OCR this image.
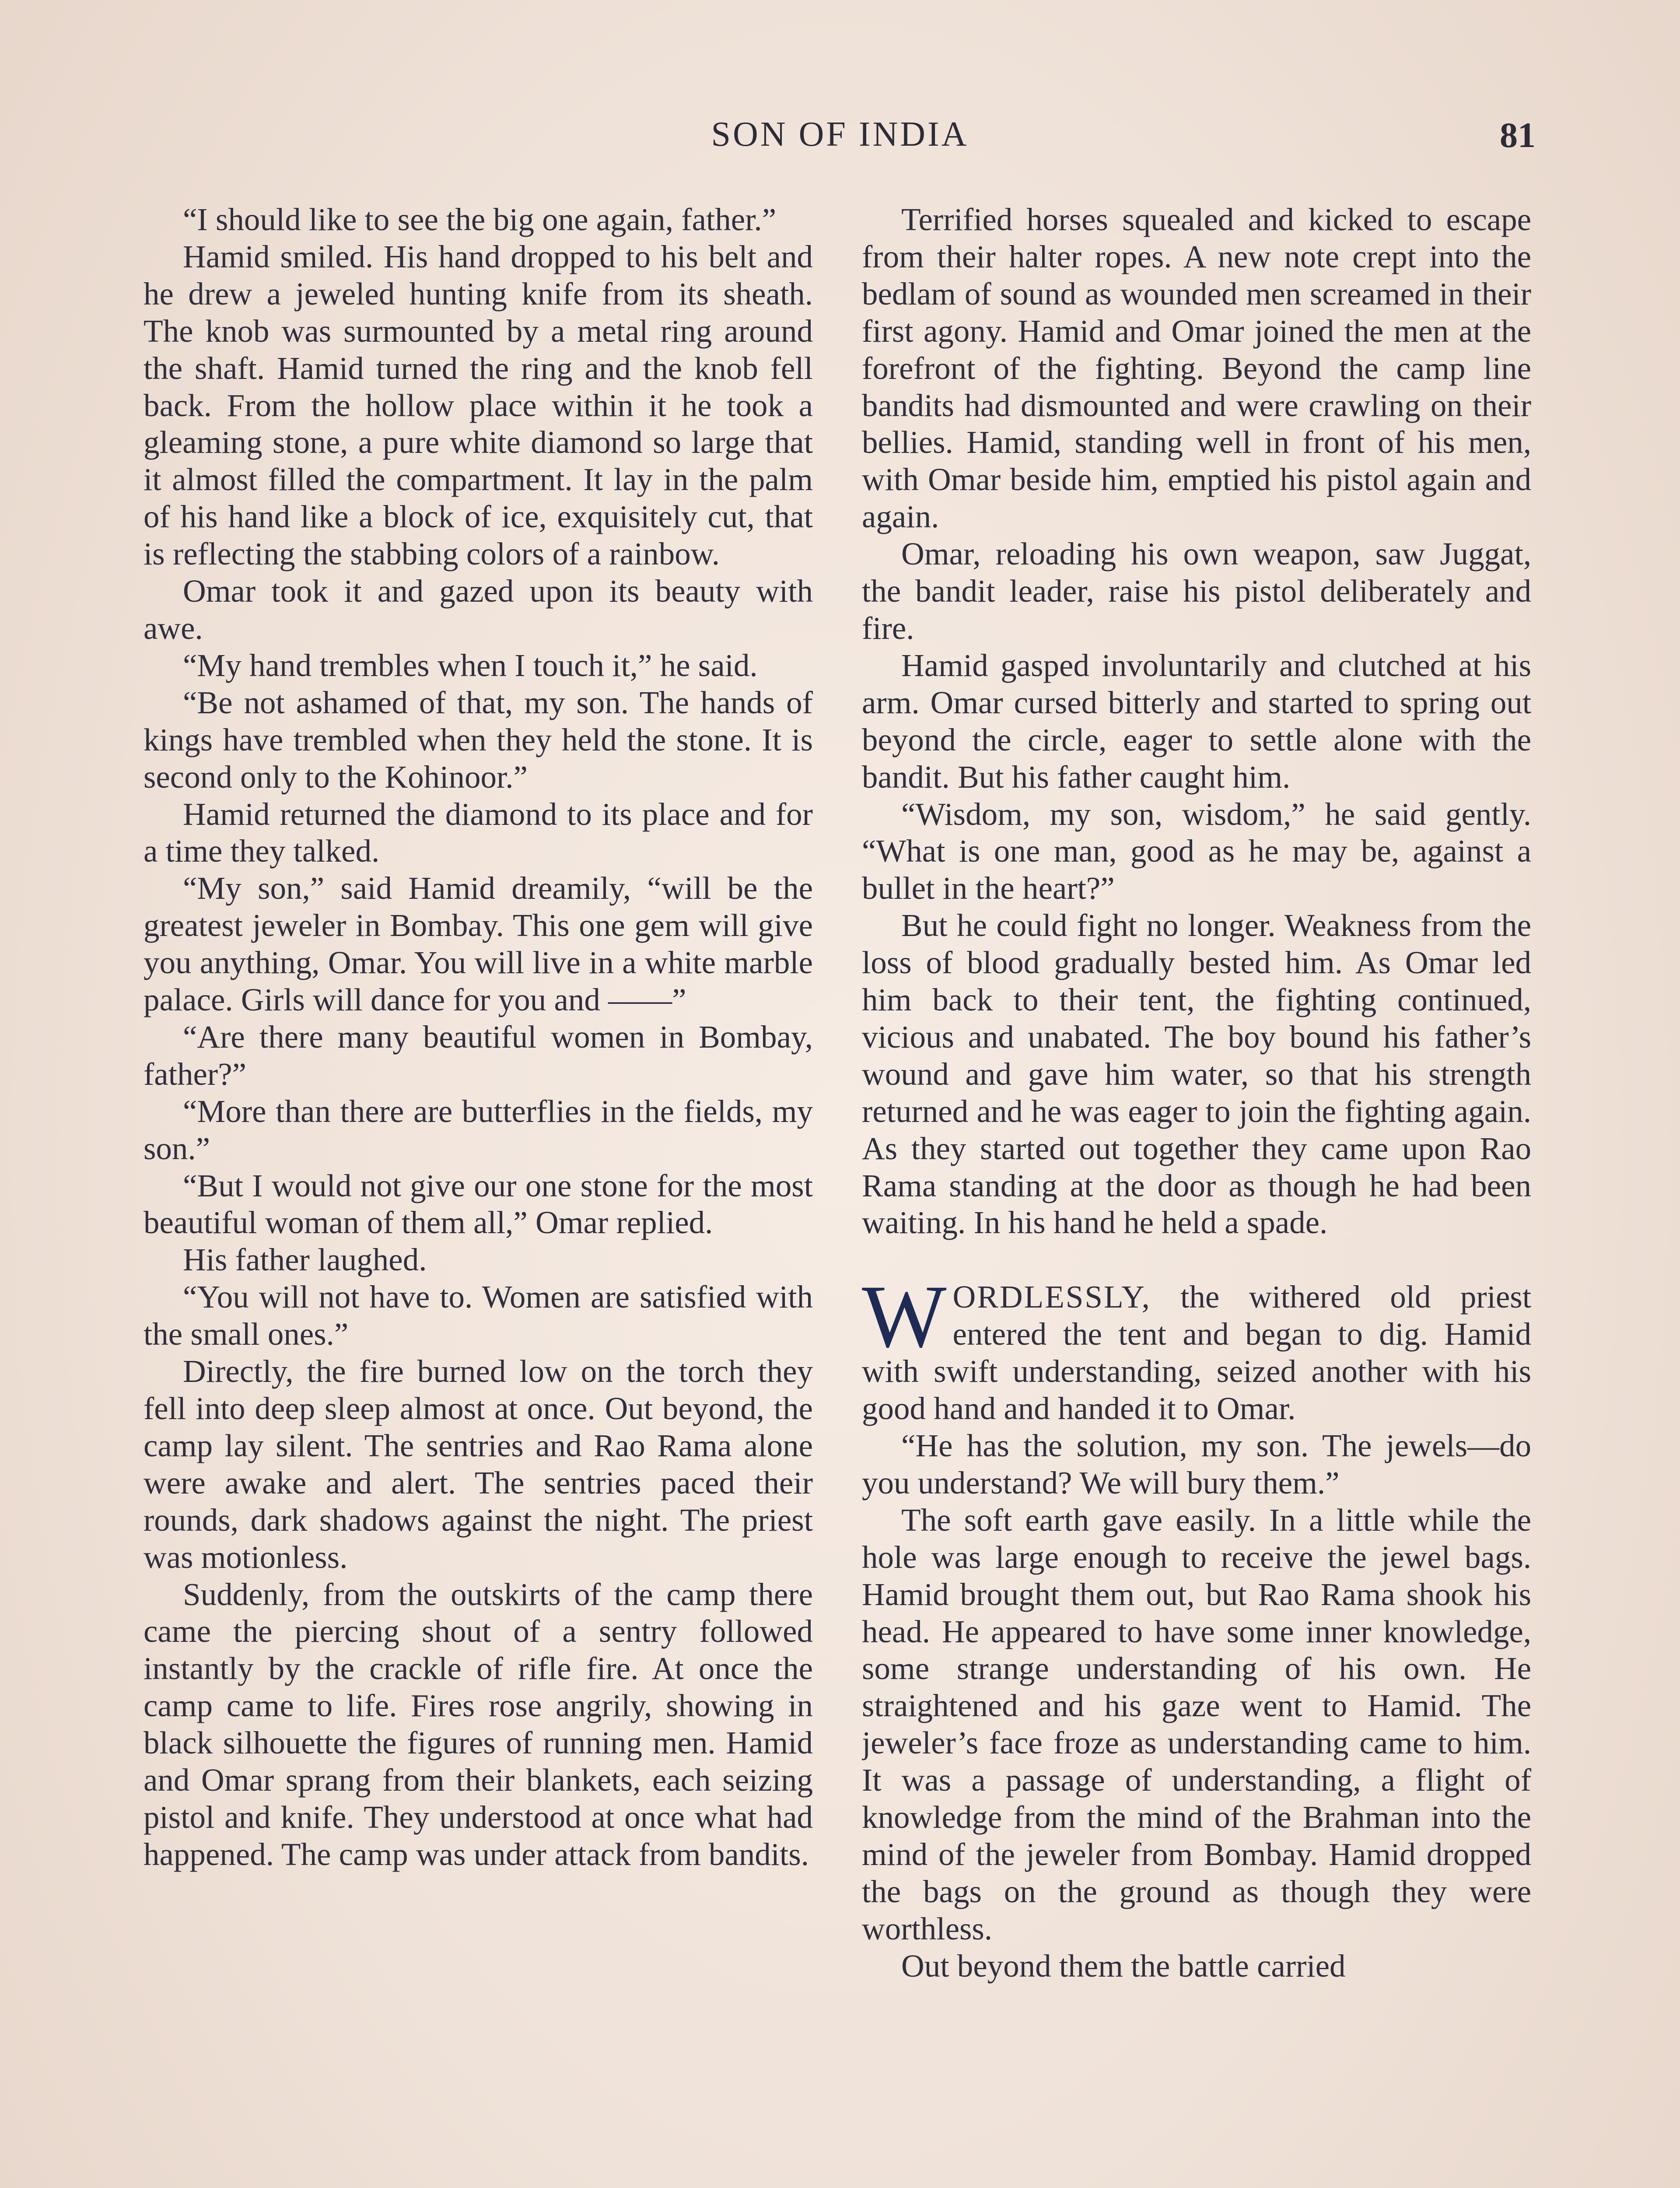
SON OF INDIA	81

“I should like to see the big one again, father.”

Hamid smiled. His hand dropped to his belt and he drew a jeweled hunting knife from its sheath. The knob was surmounted by a metal ring around the shaft. Hamid turned the ring and the knob fell back. From the hollow place within it he took a gleaming stone, a pure white diamond so large that it almost filled the compartment. It lay in the palm of his hand like a block of ice, exquisitely cut, that is reflecting the stabbing colors of a rainbow.

Omar took it and gazed upon its beauty with awe.

“My hand trembles when I touch it,” he said.

“Be not ashamed of that, my son. The hands of kings have trembled when they held the stone. It is second only to the Kohinoor.”

Hamid returned the diamond to its place and for a time they talked.

“My son,” said Hamid dreamily, “will be the greatest jeweler in Bombay. This one gem will give you anything, Omar. You will live in a white marble palace. Girls will dance for you and ——”

“Are there many beautiful women in Bombay, father?”

“More than there are butterflies in the fields, my son.”

“But I would not give our one stone for the most beautiful woman of them all,” Omar replied.

His father laughed.

“You will not have to. Women are satisfied with the small ones.”

Directly, the fire burned low on the torch they fell into deep sleep almost at once. Out beyond, the camp lay silent. The sentries and Rao Rama alone were awake and alert. The sentries paced their rounds, dark shadows against the night. The priest was motionless.

Suddenly, from the outskirts of the camp there came the piercing shout of a sentry followed instantly by the crackle of rifle fire. At once the camp came to life. Fires rose angrily, showing in black silhouette the figures of running men. Hamid and Omar sprang from their blankets, each seizing pistol and knife. They understood at once what had happened. The camp was under attack from bandits.

Terrified horses squealed and kicked to escape from their halter ropes. A new note crept into the bedlam of sound as wounded men screamed in their first agony. Hamid and Omar joined the men at the forefront of the fighting. Beyond the camp line bandits had dismounted and were crawling on their bellies. Hamid, standing well in front of his men, with Omar beside him, emptied his pistol again and again.

Omar, reloading his own weapon, saw Juggat, the bandit leader, raise his pistol deliberately and fire.

Hamid gasped involuntarily and clutched at his arm. Omar cursed bitterly and started to spring out beyond the circle, eager to settle alone with the bandit. But his father caught him.

“Wisdom, my son, wisdom,” he said gently. “What is one man, good as he may be, against a bullet in the heart?”

But he could fight no longer. Weakness from the loss of blood gradually bested him. As Omar led him back to their tent, the fighting continued, vicious and unabated. The boy bound his father’s wound and gave him water, so that his strength returned and he was eager to join the fighting again. As they started out together they came upon Rao Rama standing at the door as though he had been waiting. In his hand he held a spade.

WORDLESSLY, the withered old priest entered the tent and began to dig. Hamid with swift understanding, seized another with his good hand and handed it to Omar.

“He has the solution, my son. The jewels—do you understand? We will bury them.”

The soft earth gave easily. In a little while the hole was large enough to receive the jewel bags. Hamid brought them out, but Rao Rama shook his head. He appeared to have some inner knowledge, some strange understanding of his own. He straightened and his gaze went to Hamid. The jeweler’s face froze as understanding came to him. It was a passage of understanding, a flight of knowledge from the mind of the Brahman into the mind of the jeweler from Bombay. Hamid dropped the bags on the ground as though they were worthless.

Out beyond them the battle carried
